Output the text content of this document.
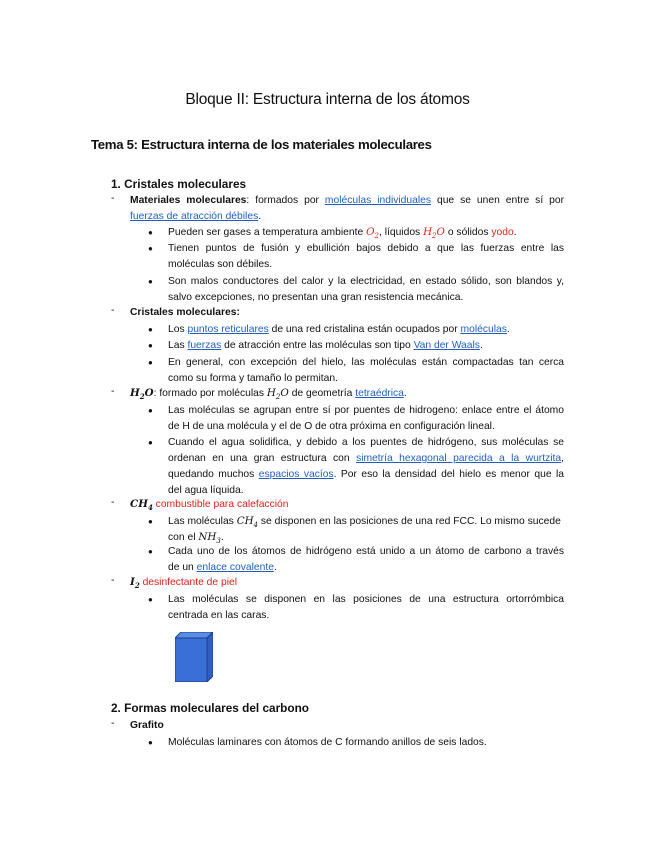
Bloque II: Estructura interna de los átomos
Tema 5: Estructura interna de los materiales moleculares
1. Cristales moleculares
- Materiales moleculares: formados por moléculas individuales que se unen entre sí por
fuerzas de atracción débiles.
● Pueden ser gases a temperatura ambiente $O_2$, líquidos $H_2O$ o sólidos yodo.
● Tienen puntos de fusión y ebullición bajos debido a que las fuerzas entre las
moléculas son débiles.
● Son malos conductores del calor y la electricidad, en estado sólido, son blandos y,
salvo excepciones, no presentan una gran resistencia mecánica.
- Cristales moleculares:
● Los puntos reticulares de una red cristalina están ocupados por moléculas.
● Las fuerzas de atracción entre las moléculas son tipo Van der Waals.
● En general, con excepción del hielo, las moléculas están compactadas tan cerca
como su forma y tamaño lo permitan.
- $H_2O$: formado por moléculas $H_2O$ de geometría tetraédrica.
● Las moléculas se agrupan entre sí por puentes de hidrogeno: enlace entre el átomo
de H de una molécula y el de O de otra próxima en configuración lineal.
● Cuando el agua solidifica, y debido a los puentes de hidrógeno, sus moléculas se
ordenan en una gran estructura con simetría hexagonal parecida a la wurtzita,
quedando muchos espacios vacíos. Por eso la densidad del hielo es menor que la
del agua líquida.
- $CH_4$ combustible para calefacción
● Las moléculas $CH_4$ se disponen en las posiciones de una red FCC. Lo mismo sucede
con el $NH_3$.
● Cada uno de los átomos de hidrógeno está unido a un átomo de carbono a través
de un enlace covalente.
- $I_2$ desinfectante de piel
● Las moléculas se disponen en las posiciones de una estructura ortorrómbica
centrada en las caras.
2. Formas moleculares del carbono
- Grafito
● Moléculas laminares con átomos de C formando anillos de seis lados.
